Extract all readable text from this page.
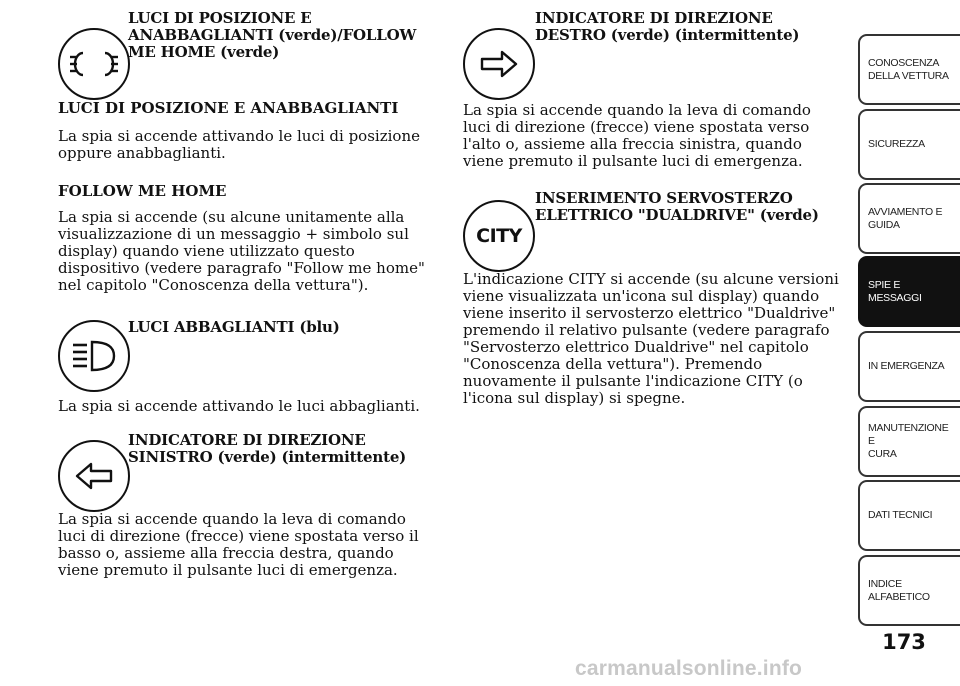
LUCI DI POSIZIONE E ANABBAGLIANTI (verde)/FOLLOW ME HOME (verde)

LUCI DI POSIZIONE E ANABBAGLIANTI

La spia si accende attivando le luci di posizione oppure anabbaglianti.

FOLLOW ME HOME

La spia si accende (su alcune unitamente alla visualizzazione di un messaggio + simbolo sul display) quando viene utilizzato questo dispositivo (vedere paragrafo "Follow me home" nel capitolo "Conoscenza della vettura").

LUCI ABBAGLIANTI (blu)

La spia si accende attivando le luci abbaglianti.

INDICATORE DI DIREZIONE SINISTRO (verde) (intermittente)

La spia si accende quando la leva di comando luci di direzione (frecce) viene spostata verso il basso o, assieme alla freccia destra, quando viene premuto il pulsante luci di emergenza.

INDICATORE DI DIREZIONE DESTRO (verde) (intermittente)

La spia si accende quando la leva di comando luci di direzione (frecce) viene spostata verso l'alto o, assieme alla freccia sinistra, quando viene premuto il pulsante luci di emergenza.

CITY
INSERIMENTO SERVOSTERZO ELETTRICO "DUALDRIVE" (verde)

L'indicazione CITY si accende (su alcune versioni viene visualizzata un'icona sul display) quando viene inserito il servosterzo elettrico "Dualdrive" premendo il relativo pulsante (vedere paragrafo "Servosterzo elettrico Dualdrive" nel capitolo "Conoscenza della vettura"). Premendo nuovamente il pulsante l'indicazione CITY (o l'icona sul display) si spegne.

CONOSCENZA
DELLA VETTURA
SICUREZZA
AVVIAMENTO E
GUIDA
SPIE E MESSAGGI
IN EMERGENZA
MANUTENZIONE E
CURA
DATI TECNICI
INDICE
ALFABETICO
173
carmanualsonline.info
